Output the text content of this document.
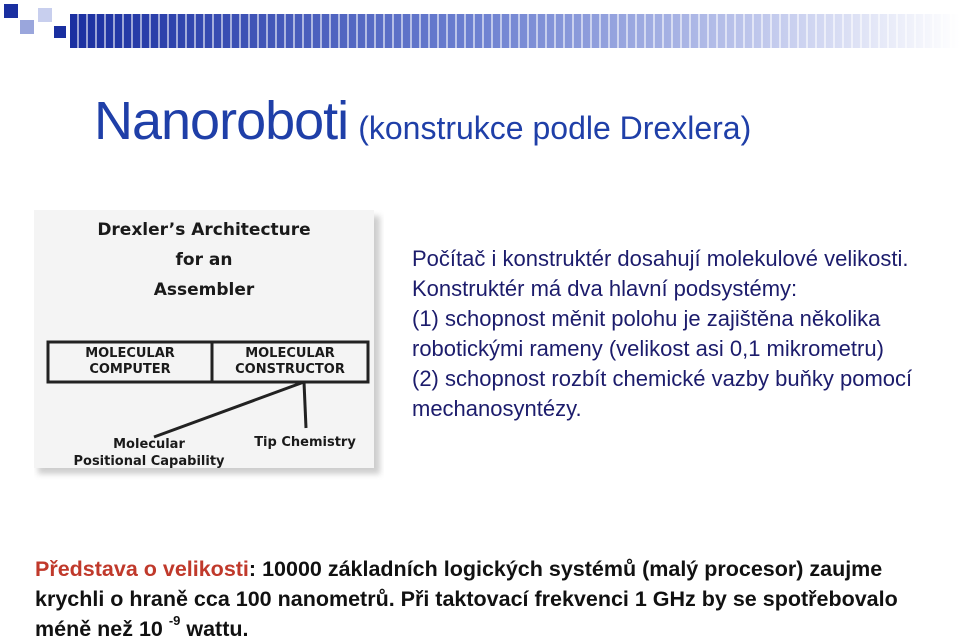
Nanoroboti (konstrukce podle Drexlera)
Drexler’s Architecture
for an
Assembler
MOLECULAR
COMPUTER
MOLECULAR
CONSTRUCTOR
Molecular
Positional Capability
Tip Chemistry

Počítač i konstruktér dosahují molekulové velikosti.

Konstruktér má dva hlavní podsystémy:

(1) schopnost měnit polohu je zajištěna několika robotickými rameny (velikost asi 0,1 mikrometru)

(2) schopnost rozbít chemické vazby buňky pomocí mechanosyntézy.

Představa o velikosti: 10000 základních logických systémů (malý procesor) zaujme krychli o hraně cca 100 nanometrů. Při taktovací frekvenci 1 GHz by se spotřebovalo méně než 10 $^{-9}$ wattu.
